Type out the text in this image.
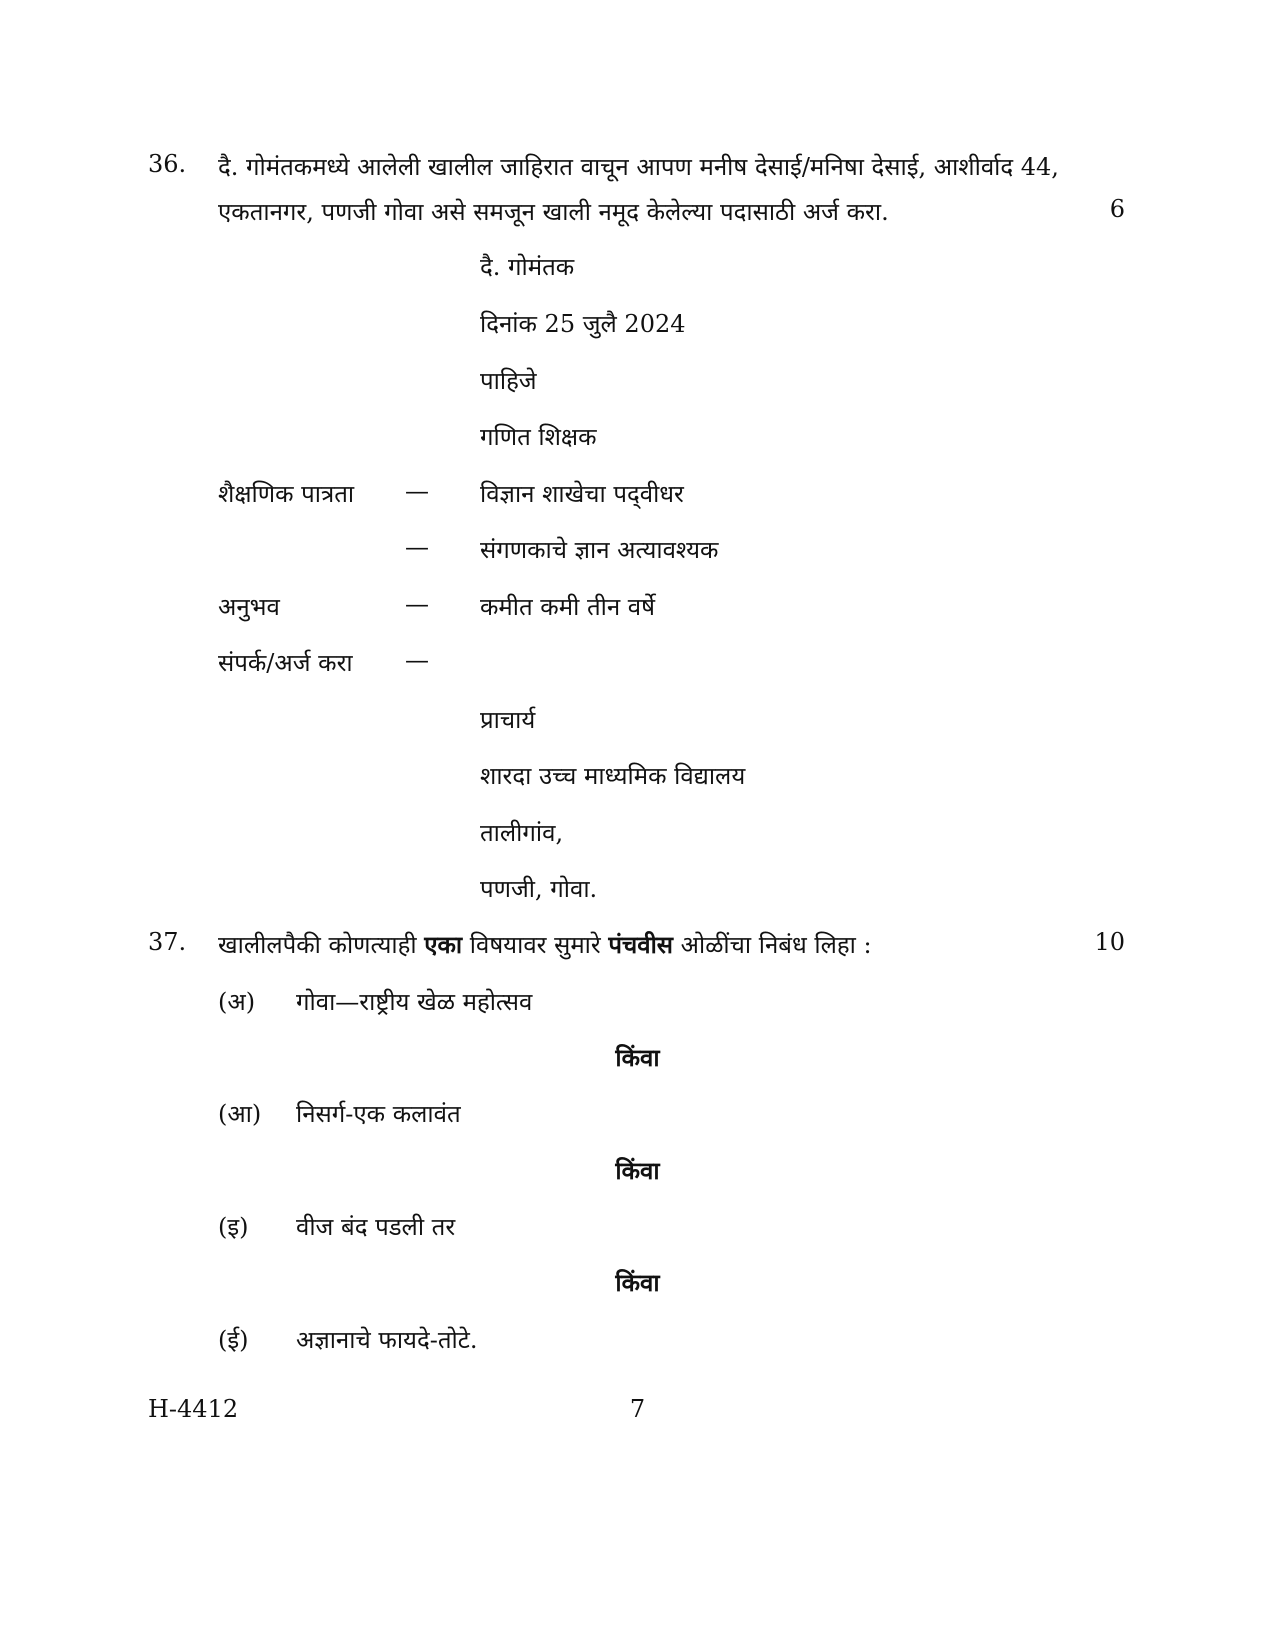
36. दै. गोमंतकमध्ये आलेली खालील जाहिरात वाचून आपण मनीष देसाई/मनिषा देसाई, आशीर्वाद 44,
एकतानगर, पणजी गोवा असे समजून खाली नमूद केलेल्या पदासाठी अर्ज करा.	6
दै. गोमंतक
दिनांक 25 जुलै 2024
पाहिजे
गणित शिक्षक
शैक्षणिक पात्रता — विज्ञान शाखेचा पद्‌वीधर
— संगणकाचे ज्ञान अत्यावश्यक
अनुभव	— कमीत कमी तीन वर्षे
संपर्क/अर्ज करा —
प्राचार्य
शारदा उच्च माध्यमिक विद्यालय
तालीगांव,
पणजी, गोवा.
37. खालीलपैकी कोणत्याही एका विषयावर सुमारे पंचवीस ओळींचा निबंध लिहा :	10
(अ) गोवा—राष्ट्रीय खेळ महोत्सव
किंवा
(आ) निसर्ग-एक कलावंत
किंवा
(इ) वीज बंद पडली तर
किंवा
(ई) अज्ञानाचे फायदे-तोटे.
H-4412	7
